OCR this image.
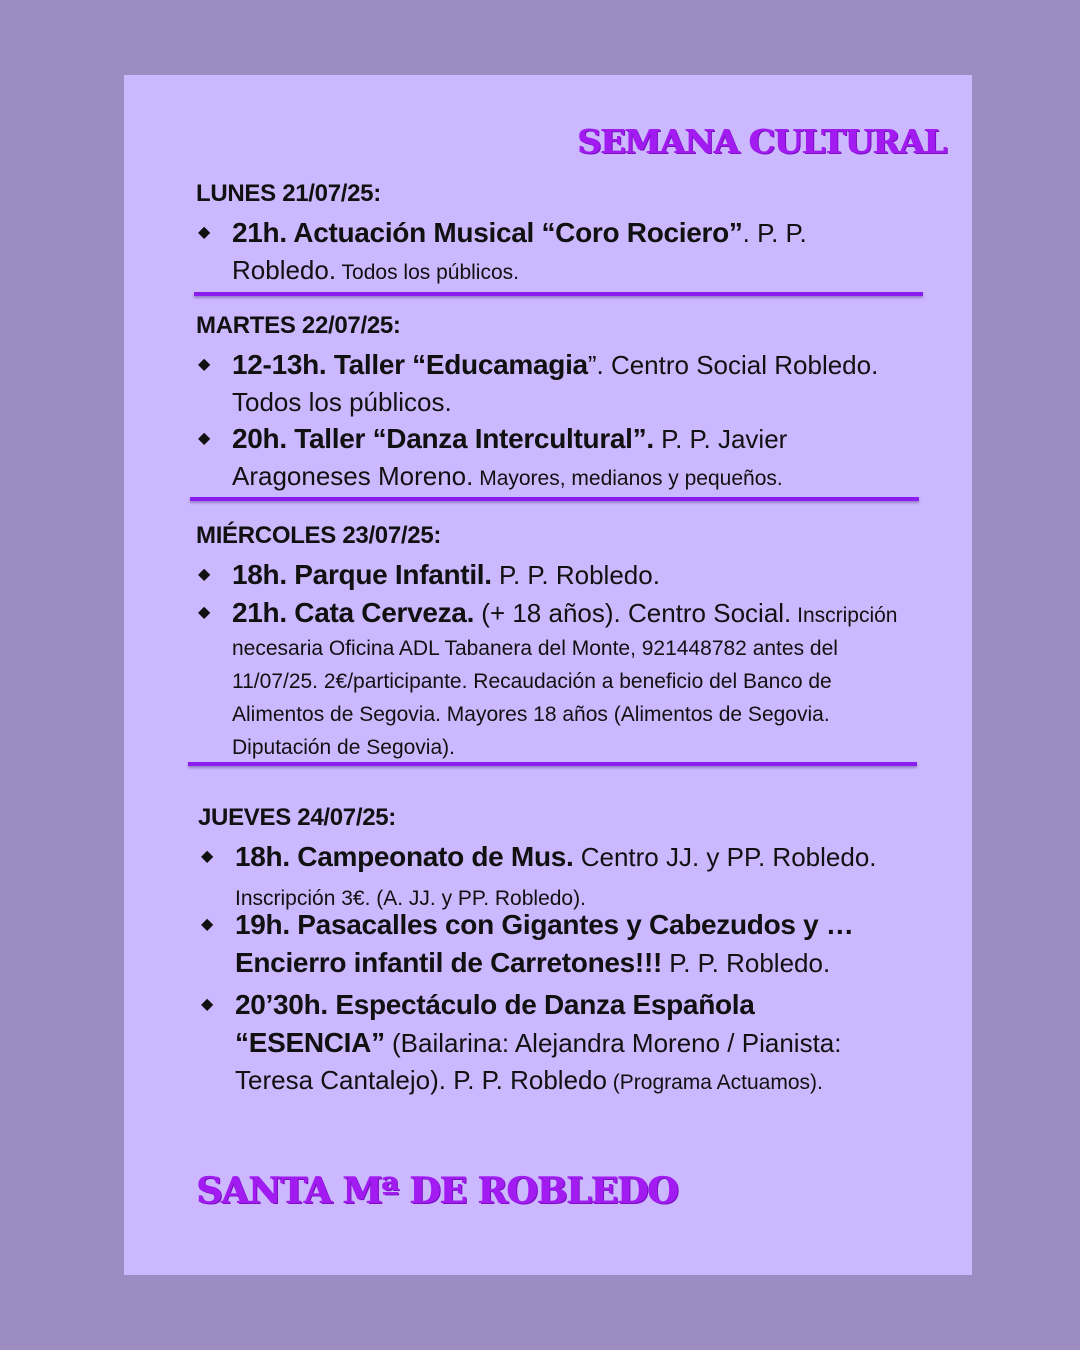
SEMANA CULTURAL
LUNES 21/07/25:
◆ 21h. Actuación Musical “Coro Rociero”. P. P. Robledo. Todos los públicos.
MARTES 22/07/25:
◆ 12-13h. Taller “Educamagia”. Centro Social Robledo. Todos los públicos.
◆ 20h. Taller “Danza Intercultural”. P. P. Javier Aragoneses Moreno. Mayores, medianos y pequeños.
MIÉRCOLES 23/07/25:
◆ 18h. Parque Infantil. P. P. Robledo.
◆ 21h. Cata Cerveza. (+ 18 años). Centro Social. Inscripción necesaria Oficina ADL Tabanera del Monte, 921448782 antes del 11/07/25. 2€/participante. Recaudación a beneficio del Banco de Alimentos de Segovia. Mayores 18 años (Alimentos de Segovia. Diputación de Segovia).
JUEVES 24/07/25:
◆ 18h. Campeonato de Mus. Centro JJ. y PP. Robledo. Inscripción 3€. (A. JJ. y PP. Robledo).
◆ 19h. Pasacalles con Gigantes y Cabezudos y … Encierro infantil de Carretones!!! P. P. Robledo.
◆ 20’30h. Espectáculo de Danza Española “ESENCIA” (Bailarina: Alejandra Moreno / Pianista: Teresa Cantalejo). P. P. Robledo (Programa Actuamos).
SANTA Mª DE ROBLEDO
